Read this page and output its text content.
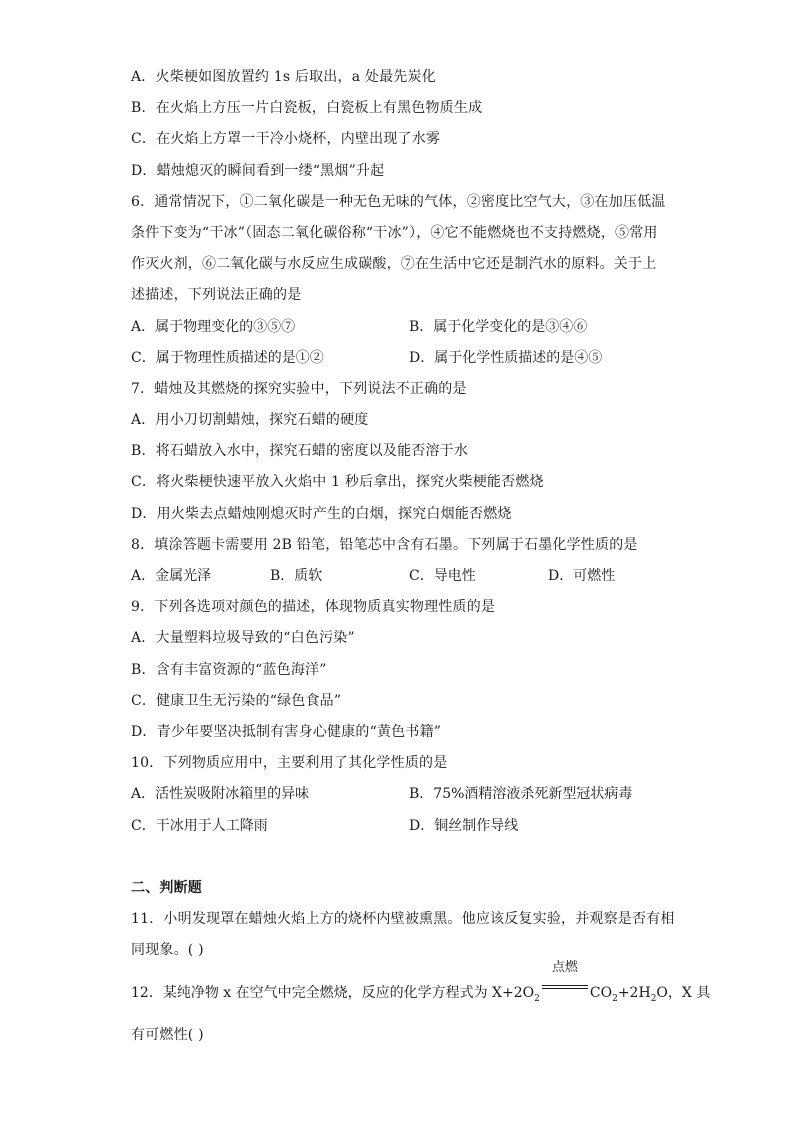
A．火柴梗如图放置约 1s 后取出，a 处最先炭化
B．在火焰上方压一片白瓷板，白瓷板上有黑色物质生成
C．在火焰上方罩一干冷小烧杯，内壁出现了水雾
D．蜡烛熄灭的瞬间看到一缕“黑烟”升起
6．通常情况下，①二氧化碳是一种无色无味的气体，②密度比空气大，③在加压低温
条件下变为“干冰”（固态二氧化碳俗称“干冰”），④它不能燃烧也不支持燃烧，⑤常用
作灭火剂，⑥二氧化碳与水反应生成碳酸，⑦在生活中它还是制汽水的原料。关于上
述描述，下列说法正确的是
A．属于物理变化的③⑤⑦	B．属于化学变化的是③④⑥
C．属于物理性质描述的是①②	D．属于化学性质描述的是④⑤
7．蜡烛及其燃烧的探究实验中，下列说法不正确的是
A．用小刀切割蜡烛，探究石蜡的硬度
B．将石蜡放入水中，探究石蜡的密度以及能否溶于水
C．将火柴梗快速平放入火焰中 1 秒后拿出，探究火柴梗能否燃烧
D．用火柴去点蜡烛刚熄灭时产生的白烟，探究白烟能否燃烧
8．填涂答题卡需要用 2B 铅笔，铅笔芯中含有石墨。下列属于石墨化学性质的是
A．金属光泽	B．质软	C．导电性	D．可燃性
9．下列各选项对颜色的描述，体现物质真实物理性质的是
A．大量塑料垃圾导致的“白色污染”
B．含有丰富资源的“蓝色海洋”
C．健康卫生无污染的“绿色食品”
D．青少年要坚决抵制有害身心健康的“黄色书籍”
10．下列物质应用中，主要利用了其化学性质的是
A．活性炭吸附冰箱里的异味	B．75%酒精溶液杀死新型冠状病毒
C．干冰用于人工降雨	D．铜丝制作导线
二、判断题
11．小明发现罩在蜡烛火焰上方的烧杯内壁被熏黑。他应该反复实验，并观察是否有相
同现象。( )
12．某纯净物 x 在空气中完全燃烧，反应的化学方程式为 $X+2O_2$
点燃
$CO_2+2H_2O$，X 具
有可燃性( )
